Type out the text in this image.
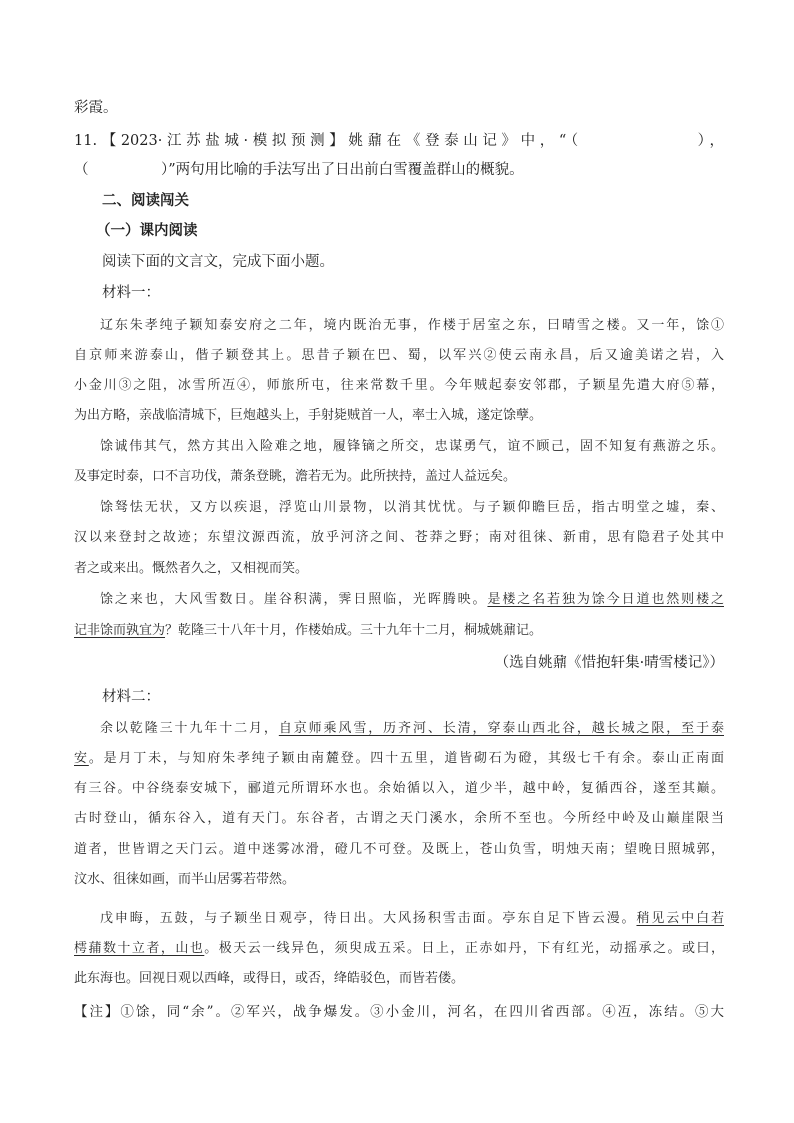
彩霞。
11.【2023·江苏盐城·模拟预测】姚鼐在《登泰山记》中，“（　　　　　　），
（　　　　　）”两句用比喻的手法写出了日出前白雪覆盖群山的概貌。
二、阅读闯关
（一）课内阅读
阅读下面的文言文，完成下面小题。
材料一：
辽东朱孝纯子颖知泰安府之二年，境内既治无事，作楼于居室之东，曰晴雪之楼。又一年，馀①
自京师来游泰山，偕子颖登其上。思昔子颖在巴、蜀，以军兴②使云南永昌，后又逾美诺之岩，入
小金川③之阻，冰雪所冱④，师旅所屯，往来常数千里。今年贼起泰安邻郡，子颖星先遣大府⑤幕，
为出方略，亲战临清城下，巨炮越头上，手射毙贼首一人，率士入城，遂定馀孽。
馀诚伟其气，然方其出入险难之地，履锋镝之所交，忠谋勇气，谊不顾己，固不知复有燕游之乐。
及事定时泰，口不言功伐，萧条登眺，澹若无为。此所挟持，盖过人益远矣。
馀驽怯无状，又方以疾退，浮览山川景物，以消其忧忧。与子颖仰瞻巨岳，指古明堂之墟，秦、
汉以来登封之故迹；东望汶源西流，放乎河济之间、苍莽之野；南对徂徕、新甫，思有隐君子处其中
者之或来出。慨然者久之，又相视而笑。
馀之来也，大风雪数日。崖谷积满，霁日照临，光晖腾映。是楼之名若独为馀今日道也然则楼之
记非馀而孰宜为？乾隆三十八年十月，作楼始成。三十九年十二月，桐城姚鼐记。
（选自姚鼐《惜抱轩集·晴雪楼记》）
材料二：
余以乾隆三十九年十二月，自京师乘风雪，历齐河、长清，穿泰山西北谷，越长城之限，至于泰
安。是月丁未，与知府朱孝纯子颖由南麓登。四十五里，道皆砌石为磴，其级七千有余。泰山正南面
有三谷。中谷绕泰安城下，郦道元所谓环水也。余始循以入，道少半，越中岭，复循西谷，遂至其巅。
古时登山，循东谷入，道有天门。东谷者，古谓之天门溪水，余所不至也。今所经中岭及山巅崖限当
道者，世皆谓之天门云。道中迷雾冰滑，磴几不可登。及既上，苍山负雪，明烛天南；望晚日照城郭，
汶水、徂徕如画，而半山居雾若带然。
戊申晦，五鼓，与子颖坐日观亭，待日出。大风扬积雪击面。亭东自足下皆云漫。稍见云中白若
樗蒱数十立者，山也。极天云一线异色，须臾成五采。日上，正赤如丹，下有红光，动摇承之。或曰，
此东海也。回视日观以西峰，或得日，或否，绛皓驳色，而皆若偻。
【注】①馀，同“余”。②军兴，战争爆发。③小金川，河名，在四川省西部。④冱，冻结。⑤大
